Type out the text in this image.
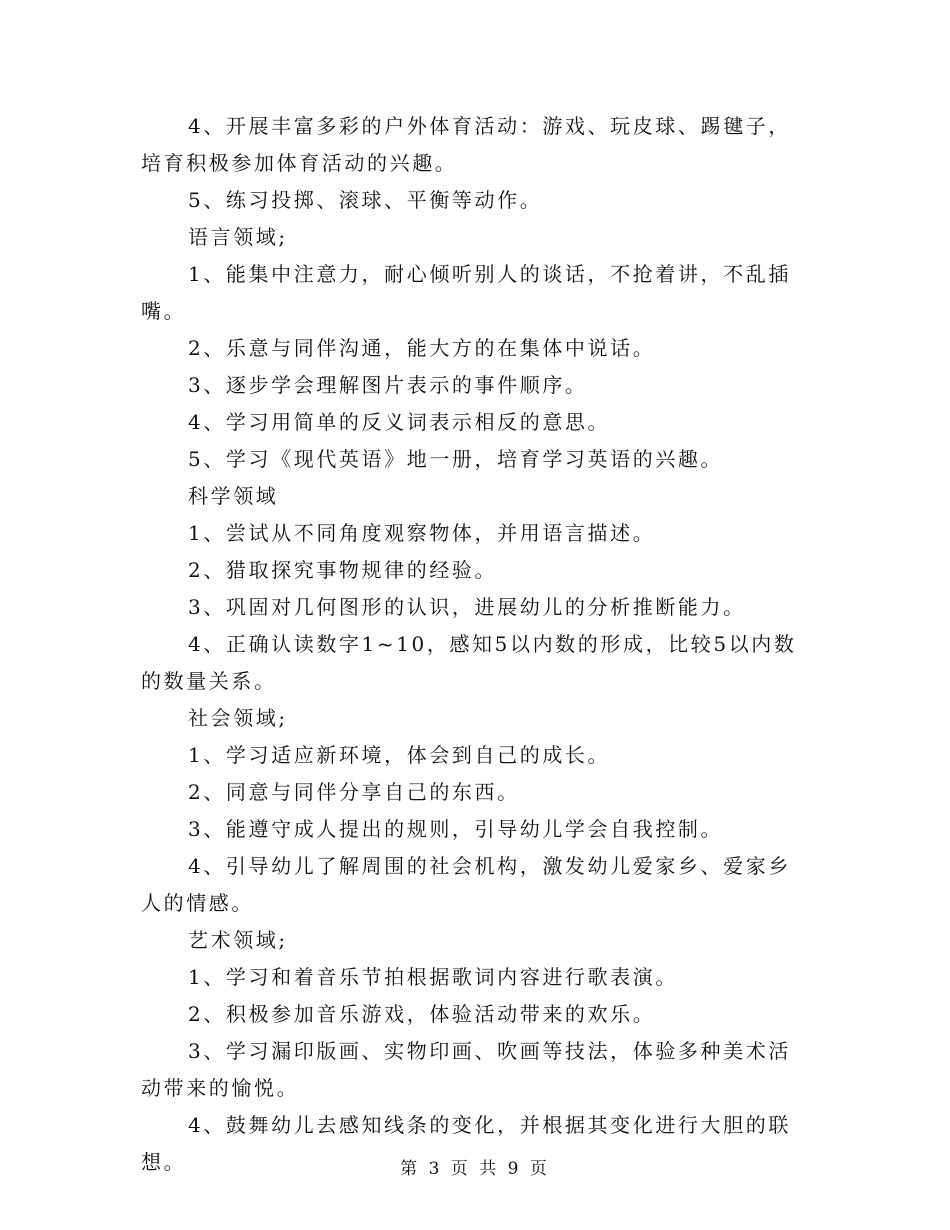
4、开展丰富多彩的户外体育活动：游戏、玩皮球、踢毽子，培育积极参加体育活动的兴趣。

5、练习投掷、滚球、平衡等动作。

语言领域;

1、能集中注意力，耐心倾听别人的谈话，不抢着讲，不乱插嘴。

2、乐意与同伴沟通，能大方的在集体中说话。

3、逐步学会理解图片表示的事件顺序。

4、学习用简单的反义词表示相反的意思。

5、学习《现代英语》地一册，培育学习英语的兴趣。

科学领域

1、尝试从不同角度观察物体，并用语言描述。

2、猎取探究事物规律的经验。

3、巩固对几何图形的认识，进展幼儿的分析推断能力。

4、正确认读数字1~10，感知5以内数的形成，比较5以内数的数量关系。

社会领域;

1、学习适应新环境，体会到自己的成长。

2、同意与同伴分享自己的东西。

3、能遵守成人提出的规则，引导幼儿学会自我控制。

4、引导幼儿了解周围的社会机构，激发幼儿爱家乡、爱家乡人的情感。

艺术领域;

1、学习和着音乐节拍根据歌词内容进行歌表演。

2、积极参加音乐游戏，体验活动带来的欢乐。

3、学习漏印版画、实物印画、吹画等技法，体验多种美术活动带来的愉悦。

4、鼓舞幼儿去感知线条的变化，并根据其变化进行大胆的联想。	第 3 页 共 9 页
